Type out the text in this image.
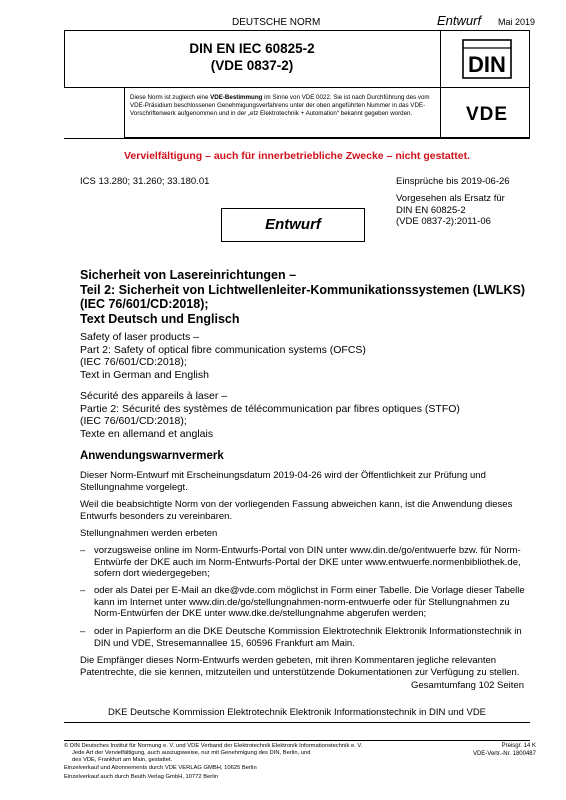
DEUTSCHE NORM	Entwurf Mai 2019
DIN EN IEC 60825-2
(VDE 0837-2)	DIN
Diese Norm ist zugleich eine VDE-Bestimmung im Sinne von VDE 0022. Sie ist nach Durchführung des vom VDE-Präsidium beschlossenen Genehmigungsverfahrens unter der oben angeführten Nummer in das VDE-Vorschriftenwerk aufgenommen und in der „etz Elektrotechnik + Automation“ bekannt gegeben worden.	VDE
Vervielfältigung – auch für innerbetriebliche Zwecke – nicht gestattet.
ICS 13.280; 31.260; 33.180.01	Einsprüche bis 2019-06-26
Vorgesehen als Ersatz für
DIN EN 60825-2
(VDE 0837-2):2011-06
Entwurf
Sicherheit von Lasereinrichtungen –
Teil 2: Sicherheit von Lichtwellenleiter-Kommunikationssystemen (LWLKS)
(IEC 76/601/CD:2018);
Text Deutsch und Englisch
Safety of laser products –
Part 2: Safety of optical fibre communication systems (OFCS)
(IEC 76/601/CD:2018);
Text in German and English
Sécurité des appareils à laser –
Partie 2: Sécurité des systèmes de télécommunication par fibres optiques (STFO)
(IEC 76/601/CD:2018);
Texte en allemand et anglais
Anwendungswarnvermerk
Dieser Norm-Entwurf mit Erscheinungsdatum 2019-04-26 wird der Öffentlichkeit zur Prüfung und Stellungnahme vorgelegt.
Weil die beabsichtigte Norm von der vorliegenden Fassung abweichen kann, ist die Anwendung dieses Entwurfs besonders zu vereinbaren.
Stellungnahmen werden erbeten
– vorzugsweise online im Norm-Entwurfs-Portal von DIN unter www.din.de/go/entwuerfe bzw. für Norm-Entwürfe der DKE auch im Norm-Entwurfs-Portal der DKE unter www.entwuerfe.normenbibliothek.de, sofern dort wiedergegeben;
– oder als Datei per E-Mail an dke@vde.com möglichst in Form einer Tabelle. Die Vorlage dieser Tabelle kann im Internet unter www.din.de/go/stellungnahmen-norm-entwuerfe oder für Stellungnahmen zu Norm-Entwürfen der DKE unter www.dke.de/stellungnahme abgerufen werden;
– oder in Papierform an die DKE Deutsche Kommission Elektrotechnik Elektronik Informationstechnik in DIN und VDE, Stresemannallee 15, 60596 Frankfurt am Main.
Die Empfänger dieses Norm-Entwurfs werden gebeten, mit ihren Kommentaren jegliche relevanten Patentrechte, die sie kennen, mitzuteilen und unterstützende Dokumentationen zur Verfügung zu stellen.
Gesamtumfang 102 Seiten
DKE Deutsche Kommission Elektrotechnik Elektronik Informationstechnik in DIN und VDE
© DIN Deutsches Institut für Normung e. V. und VDE Verband der Elektrotechnik Elektronik Informationstechnik e. V.
Jede Art der Vervielfältigung, auch auszugsweise, nur mit Genehmigung des DIN, Berlin, und
des VDE, Frankfurt am Main, gestattet.
Einzelverkauf und Abonnements durch VDE VERLAG GMBH, 10625 Berlin
Einzelverkauf auch durch Beuth Verlag GmbH, 10772 Berlin
Preisgr. 14 K
VDE-Vertr.-Nr. 1800487
